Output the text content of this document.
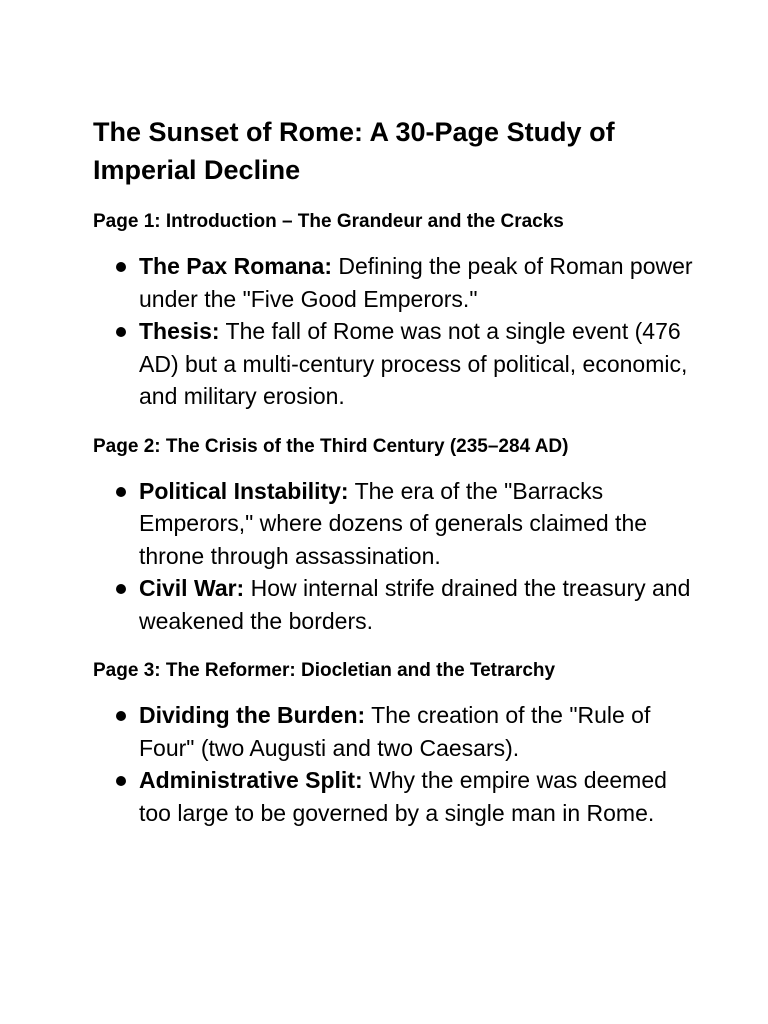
The Sunset of Rome: A 30-Page Study of Imperial Decline
Page 1: Introduction – The Grandeur and the Cracks
The Pax Romana: Defining the peak of Roman power under the "Five Good Emperors."
Thesis: The fall of Rome was not a single event (476 AD) but a multi-century process of political, economic, and military erosion.
Page 2: The Crisis of the Third Century (235–284 AD)
Political Instability: The era of the "Barracks Emperors," where dozens of generals claimed the throne through assassination.
Civil War: How internal strife drained the treasury and weakened the borders.
Page 3: The Reformer: Diocletian and the Tetrarchy
Dividing the Burden: The creation of the "Rule of Four" (two Augusti and two Caesars).
Administrative Split: Why the empire was deemed too large to be governed by a single man in Rome.
